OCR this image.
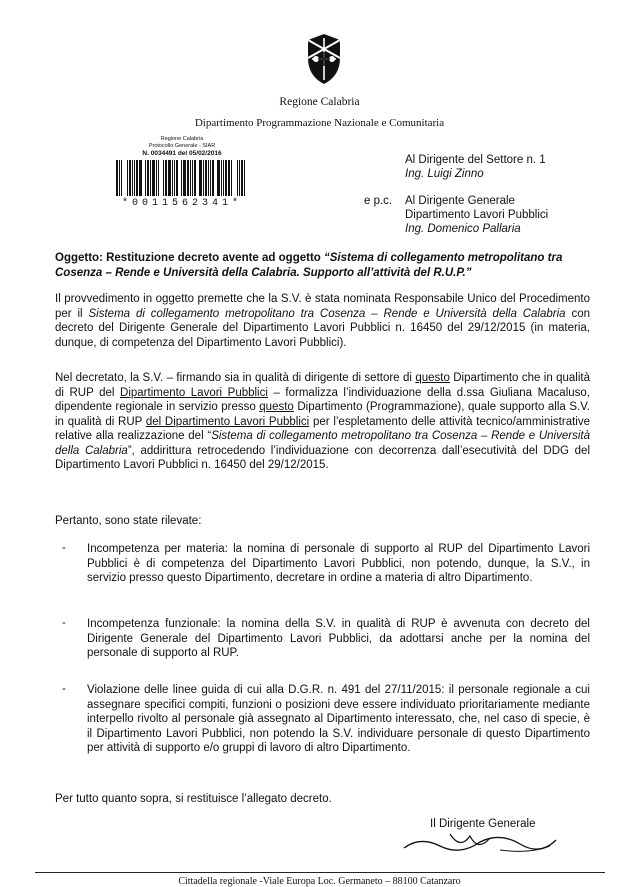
Regione Calabria
Dipartimento Programmazione Nazionale e Comunitaria
Regione Calabria
Protocollo Generale - SIAR
N. 0034491 del 05/02/2016
*0011562341*
Al Dirigente del Settore n. 1
Ing. Luigi Zinno
e p.c. Al Dirigente Generale
Dipartimento Lavori Pubblici
Ing. Domenico Pallaria
Oggetto: Restituzione decreto avente ad oggetto “Sistema di collegamento metropolitano tra Cosenza – Rende e Università della Calabria. Supporto all’attività del R.U.P.”
Il provvedimento in oggetto premette che la S.V. è stata nominata Responsabile Unico del Procedimento per il Sistema di collegamento metropolitano tra Cosenza – Rende e Università della Calabria con decreto del Dirigente Generale del Dipartimento Lavori Pubblici n. 16450 del 29/12/2015 (in materia, dunque, di competenza del Dipartimento Lavori Pubblici).
Nel decretato, la S.V. – firmando sia in qualità di dirigente di settore di questo Dipartimento che in qualità di RUP del Dipartimento Lavori Pubblici – formalizza l’individuazione della d.ssa Giuliana Macaluso, dipendente regionale in servizio presso questo Dipartimento (Programmazione), quale supporto alla S.V. in qualità di RUP del Dipartimento Lavori Pubblici per l’espletamento delle attività tecnico/amministrative relative alla realizzazione del “Sistema di collegamento metropolitano tra Cosenza – Rende e Università della Calabria”, addirittura retrocedendo l’individuazione con decorrenza dall’esecutività del DDG del Dipartimento Lavori Pubblici n. 16450 del 29/12/2015.
Pertanto, sono state rilevate:
- Incompetenza per materia: la nomina di personale di supporto al RUP del Dipartimento Lavori Pubblici è di competenza del Dipartimento Lavori Pubblici, non potendo, dunque, la S.V., in servizio presso questo Dipartimento, decretare in ordine a materia di altro Dipartimento.
- Incompetenza funzionale: la nomina della S.V. in qualità di RUP è avvenuta con decreto del Dirigente Generale del Dipartimento Lavori Pubblici, da adottarsi anche per la nomina del personale di supporto al RUP.
- Violazione delle linee guida di cui alla D.G.R. n. 491 del 27/11/2015: il personale regionale a cui assegnare specifici compiti, funzioni o posizioni deve essere individuato prioritariamente mediante interpello rivolto al personale già assegnato al Dipartimento interessato, che, nel caso di specie, è il Dipartimento Lavori Pubblici, non potendo la S.V. individuare personale di questo Dipartimento per attività di supporto e/o gruppi di lavoro di altro Dipartimento.
Per tutto quanto sopra, si restituisce l’allegato decreto.
Il Dirigente Generale
Cittadella regionale -Viale Europa Loc. Germaneto – 88100 Catanzaro
